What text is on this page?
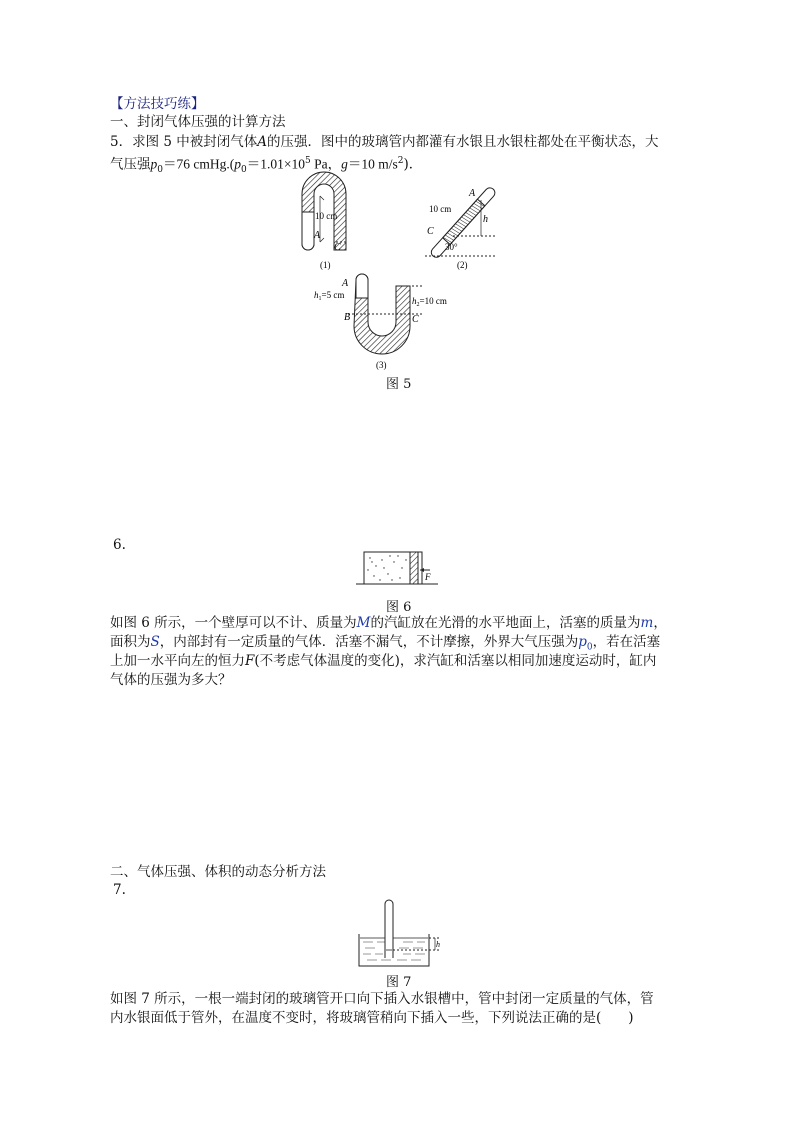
【方法技巧练】
一、封闭气体压强的计算方法
5．求图 5 中被封闭气体A的压强．图中的玻璃管内都灌有水银且水银柱都处在平衡状态，大
气压强$p_0=76$ $cmHg.(p_0=1.01\times 10^5$ Pa，g＝10 $m/s^2$)．
10 cm
A
C
(1)
10 cm
A
h
C
30°
(2)
A
$h_1=5$ cm
B
$h_2=10$ cm
C
(3)
图 5
6.
F
图 6
如图 6 所示，一个壁厚可以不计、质量为M的汽缸放在光滑的水平地面上，活塞的质量为m，
面积为S，内部封有一定质量的气体．活塞不漏气，不计摩擦，外界大气压强为$p_0$，若在活塞
上加一水平向左的恒力F(不考虑气体温度的变化)，求汽缸和活塞以相同加速度运动时，缸内
气体的压强为多大？
二、气体压强、体积的动态分析方法
7.
h
图 7
如图 7 所示，一根一端封闭的玻璃管开口向下插入水银槽中，管中封闭一定质量的气体，管
内水银面低于管外，在温度不变时，将玻璃管稍向下插入一些，下列说法正确的是(　　)
